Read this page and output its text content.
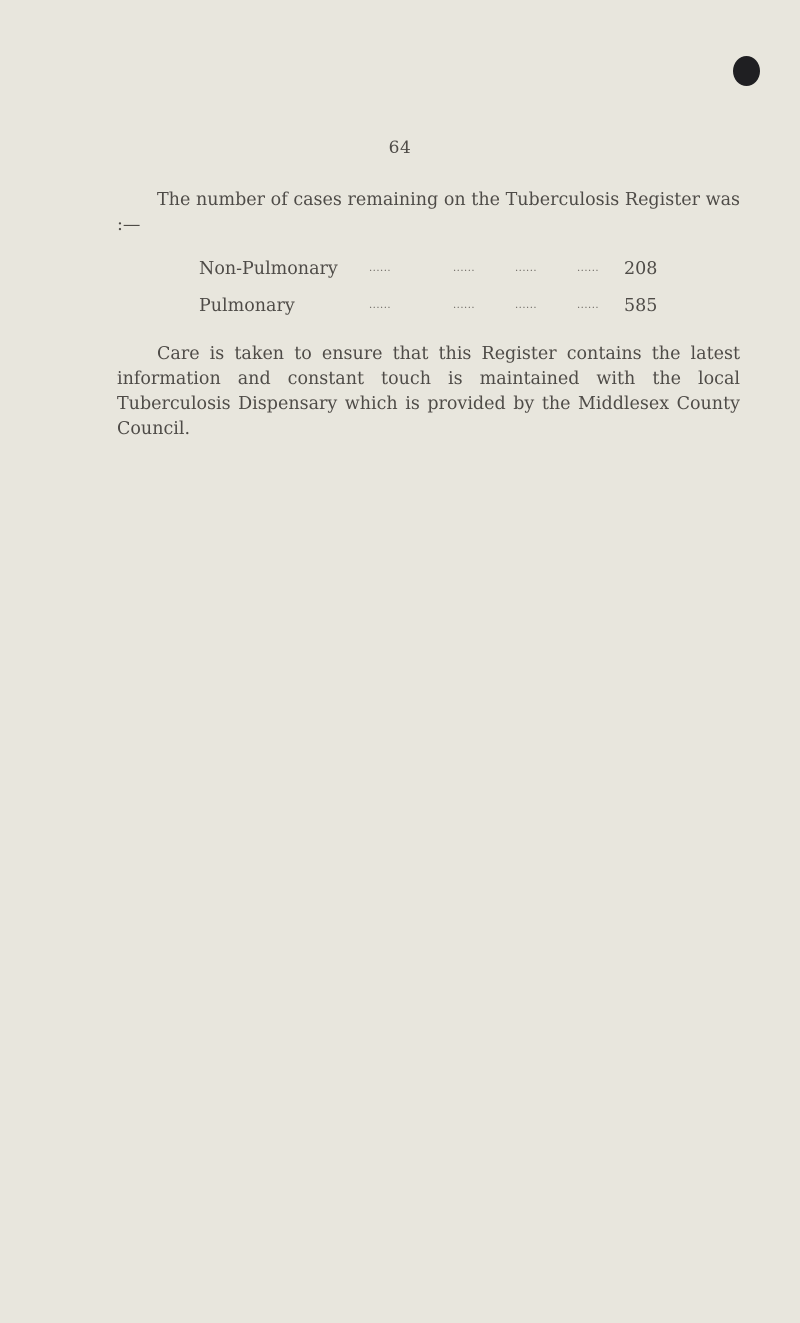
64

The number of cases remaining on the Tuberculosis Register was :—

Non-Pulmonary	......	......	......	...... 208
Pulmonary	......	......	......	...... 585

Care is taken to ensure that this Register contains the latest information and constant touch is maintained with the local Tuberculosis Dispensary which is provided by the Middlesex County Council.
